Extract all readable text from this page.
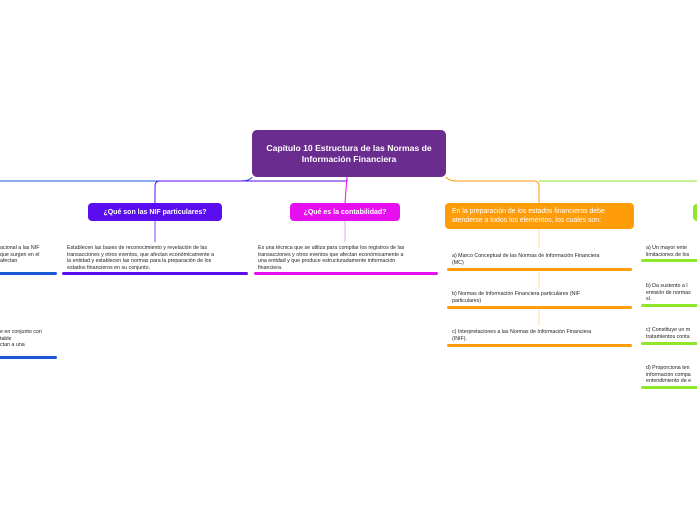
Capítulo 10 Estructura de las Normas de Información Financiera
¿Qué son las NIF particulares?
Establecen las bases de reconocimiento y revelación de las
transacciones y otros eventos, que afectan económicamente a
la entidad y establecen las normas para la preparación de los
estados financieros en su conjunto.
¿Qué es la contabilidad?
Es una técnica que se utiliza para compilar los registros de las
transacciones y otros eventos que afectan económicamente a
una entidad y que produce estructuradamente información
financiera.
En la preparación de los estados financieros debe
atenderse a todos los elementos, los cuales son:
a) Marco Conceptual de las Normas de Información Financiera
(MC)
b) Normas de Información Financiera particulares (NIF
particulares)
c) Interpretaciones a las Normas de Información Financiera
(INIF).
a) Un mayor ente
limitaciones de los
b) Da sustento a l
emisión de normas
sí.
c) Constituye un m
tratamientos conta
d) Proporciona ten
información compa
entendimiento de e
acional a las NIF
que surgen en el
afectan
e en conjunto con
table
ctan a una
